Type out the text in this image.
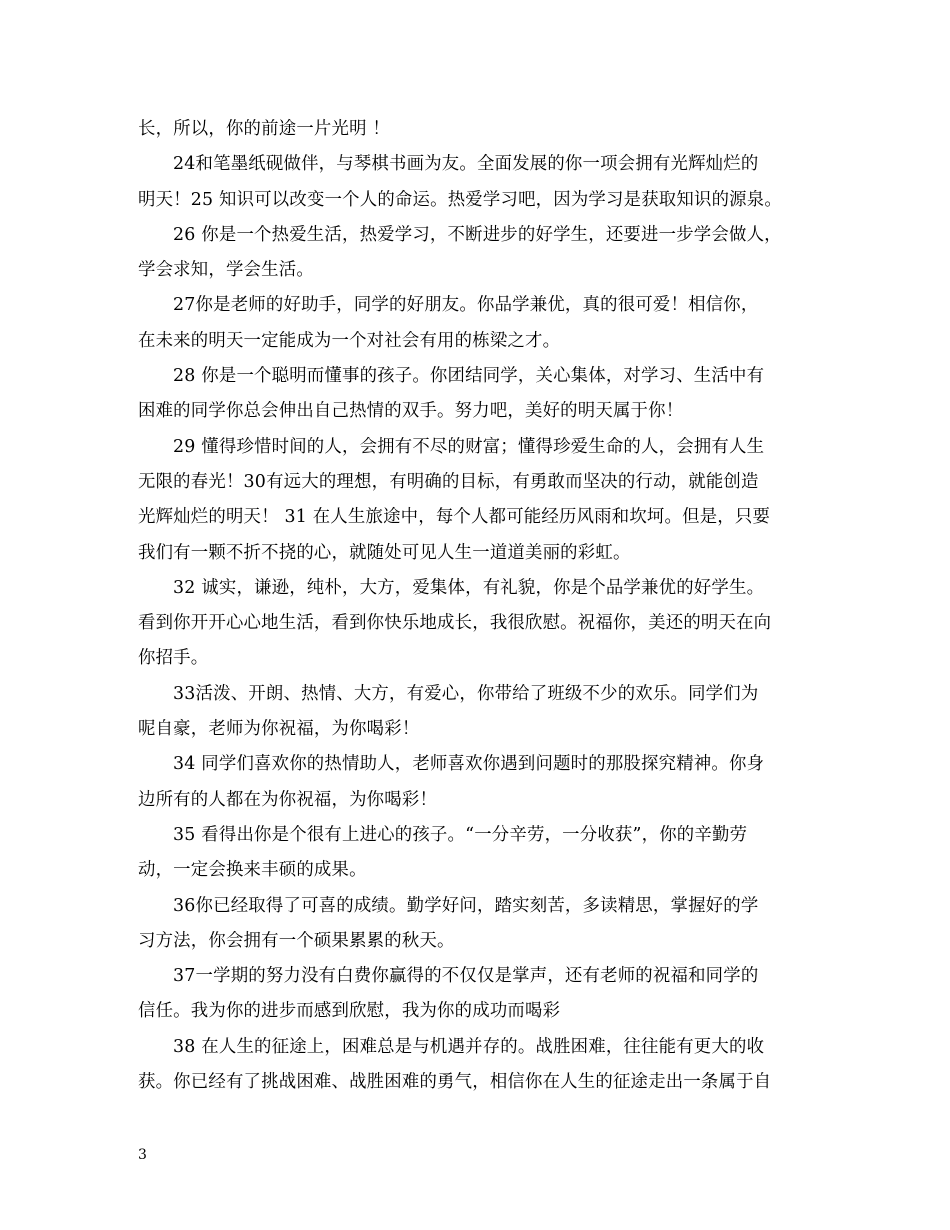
长，所以，你的前途一片光明 ！
24和笔墨纸砚做伴，与琴棋书画为友。全面发展的你一项会拥有光辉灿烂的
明天！25 知识可以改变一个人的命运。热爱学习吧，因为学习是获取知识的源泉。
26 你是一个热爱生活，热爱学习，不断进步的好学生，还要进一步学会做人，
学会求知，学会生活。
27你是老师的好助手，同学的好朋友。你品学兼优，真的很可爱！相信你，
在未来的明天一定能成为一个对社会有用的栋梁之才。
28 你是一个聪明而懂事的孩子。你团结同学，关心集体，对学习、生活中有
困难的同学你总会伸出自己热情的双手。努力吧，美好的明天属于你！
29 懂得珍惜时间的人，会拥有不尽的财富；懂得珍爱生命的人，会拥有人生
无限的春光！30有远大的理想，有明确的目标，有勇敢而坚决的行动，就能创造
光辉灿烂的明天！ 31 在人生旅途中，每个人都可能经历风雨和坎坷。但是，只要
我们有一颗不折不挠的心，就随处可见人生一道道美丽的彩虹。
32 诚实，谦逊，纯朴，大方，爱集体，有礼貌，你是个品学兼优的好学生。
看到你开开心心地生活，看到你快乐地成长，我很欣慰。祝福你，美还的明天在向
你招手。
33活泼、开朗、热情、大方，有爱心，你带给了班级不少的欢乐。同学们为
呢自豪，老师为你祝福，为你喝彩！
34 同学们喜欢你的热情助人，老师喜欢你遇到问题时的那股探究精神。你身
边所有的人都在为你祝福，为你喝彩！
35 看得出你是个很有上进心的孩子。“一分辛劳，一分收获”，你的辛勤劳
动，一定会换来丰硕的成果。
36你已经取得了可喜的成绩。勤学好问，踏实刻苦，多读精思，掌握好的学
习方法，你会拥有一个硕果累累的秋天。
37一学期的努力没有白费你赢得的不仅仅是掌声，还有老师的祝福和同学的
信任。我为你的进步而感到欣慰，我为你的成功而喝彩
38 在人生的征途上，困难总是与机遇并存的。战胜困难，往往能有更大的收
获。你已经有了挑战困难、战胜困难的勇气，相信你在人生的征途走出一条属于自
3
